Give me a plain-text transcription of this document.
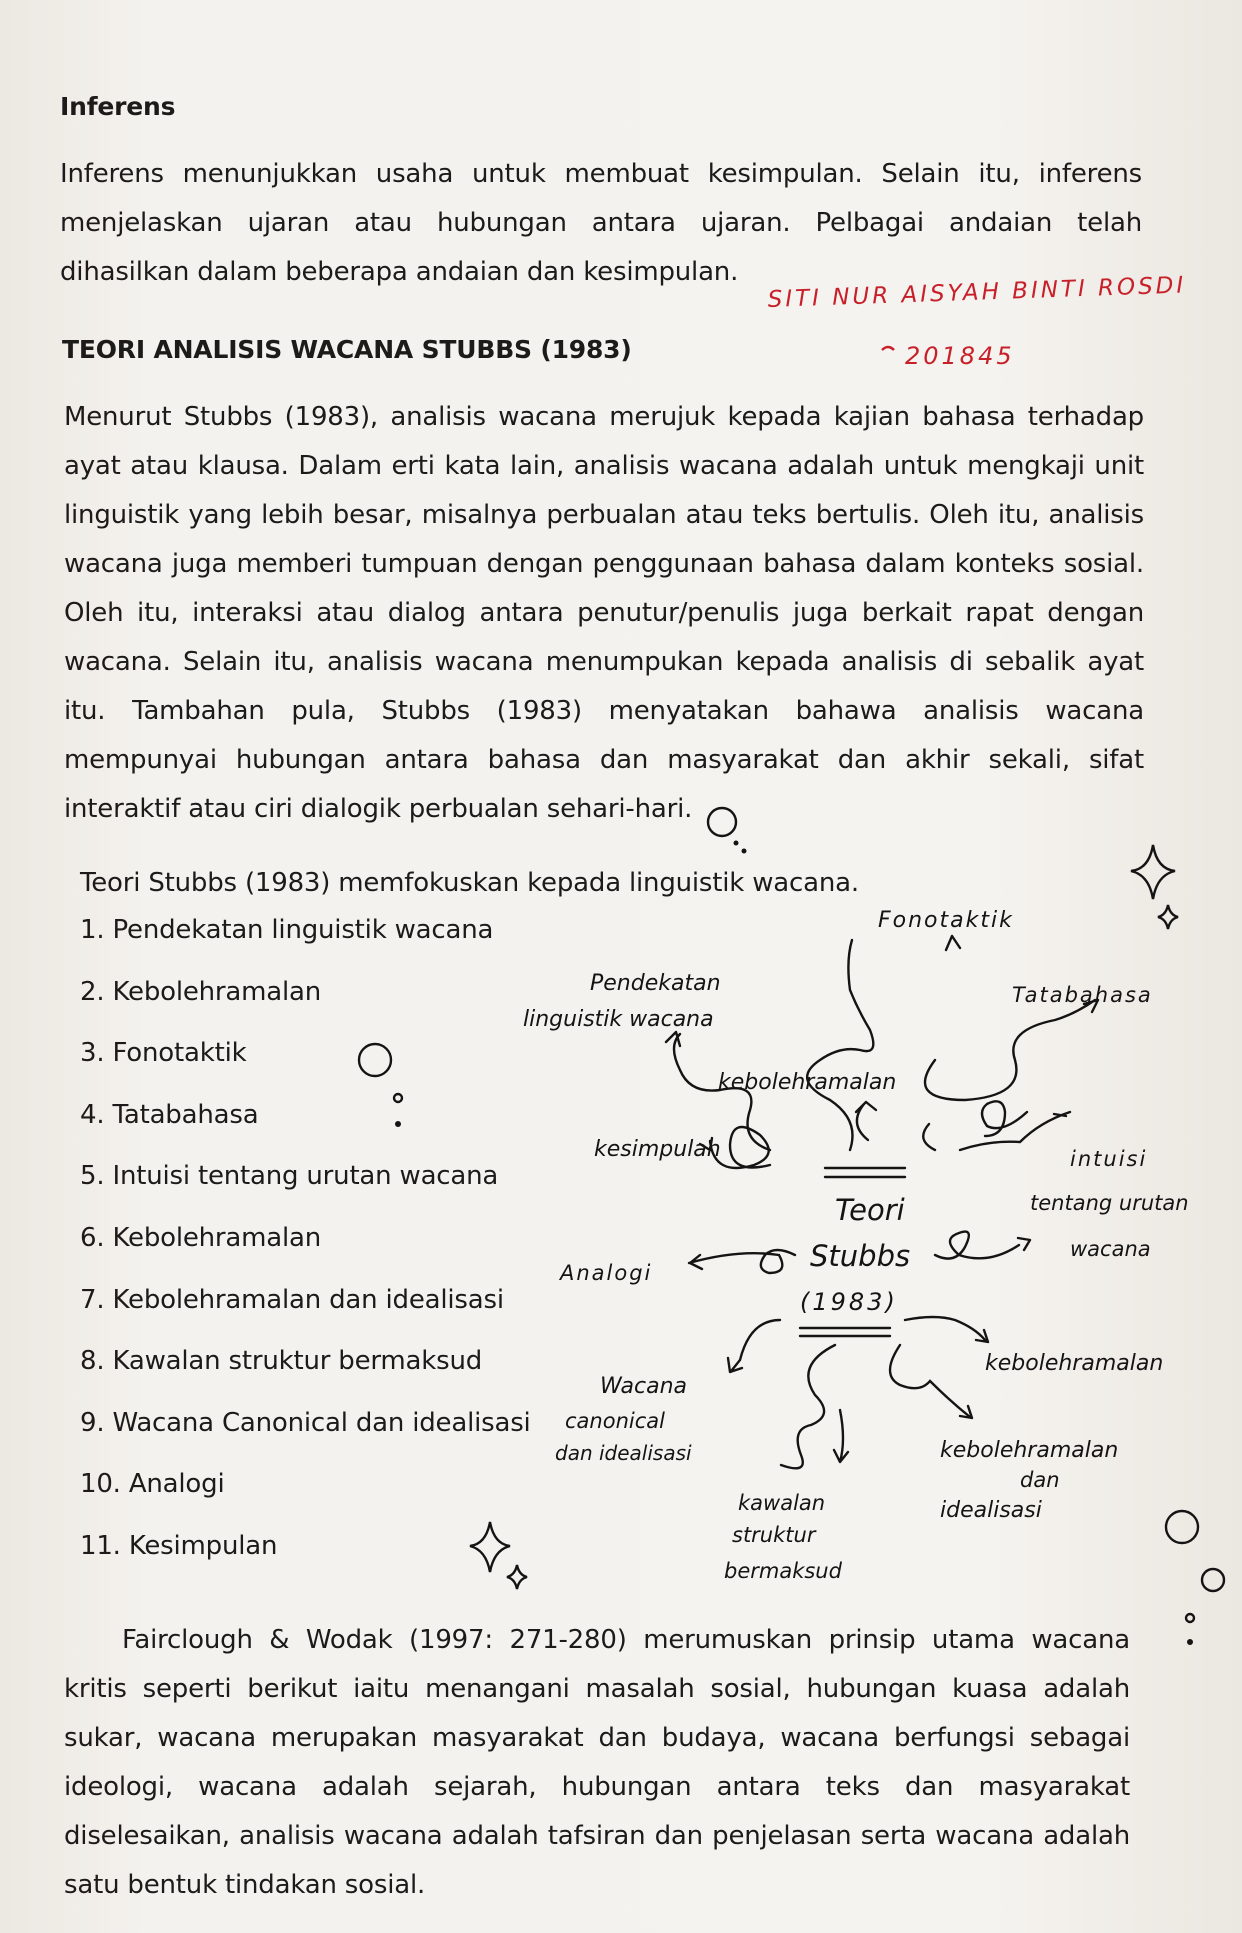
Inferens

Inferens menunjukkan usaha untuk membuat kesimpulan. Selain itu, inferens menjelaskan ujaran atau hubungan antara ujaran. Pelbagai andaian telah dihasilkan dalam beberapa andaian dan kesimpulan.

TEORI ANALISIS WACANA STUBBS (1983)

Menurut Stubbs (1983), analisis wacana merujuk kepada kajian bahasa terhadap ayat atau klausa. Dalam erti kata lain, analisis wacana adalah untuk mengkaji unit linguistik yang lebih besar, misalnya perbualan atau teks bertulis. Oleh itu, analisis wacana juga memberi tumpuan dengan penggunaan bahasa dalam konteks sosial. Oleh itu, interaksi atau dialog antara penutur/penulis juga berkait rapat dengan wacana. Selain itu, analisis wacana menumpukan kepada analisis di sebalik ayat itu. Tambahan pula, Stubbs (1983) menyatakan bahawa analisis wacana mempunyai hubungan antara bahasa dan masyarakat dan akhir sekali, sifat interaktif atau ciri dialogik perbualan sehari-hari.

Teori Stubbs (1983) memfokuskan kepada linguistik wacana.

1. Pendekatan linguistik wacana
2. Kebolehramalan
3. Fonotaktik
4. Tatabahasa
5. Intuisi tentang urutan wacana
6. Kebolehramalan
7. Kebolehramalan dan idealisasi
8. Kawalan struktur bermaksud
9. Wacana Canonical dan idealisasi
10. Analogi
11. Kesimpulan

Fairclough & Wodak (1997: 271-280) merumuskan prinsip utama wacana kritis seperti berikut iaitu menangani masalah sosial, hubungan kuasa adalah sukar, wacana merupakan masyarakat dan budaya, wacana berfungsi sebagai ideologi, wacana adalah sejarah, hubungan antara teks dan masyarakat diselesaikan, analisis wacana adalah tafsiran dan penjelasan serta wacana adalah satu bentuk tindakan sosial.

SITI NUR AISYAH BINTI ROSDI
201845
Teori
Stubbs
(1983)
Pendekatan
linguistik wacana
Fonotaktik
Tatabahasa
kebolehramalan
kesimpulan	intuisi
tentang urutan
wacana
Analogi
kebolehramalan
Wacana
canonical
dan idealisasi
kawalan
struktur
bermaksud
kebolehramalan
dan
idealisasi
